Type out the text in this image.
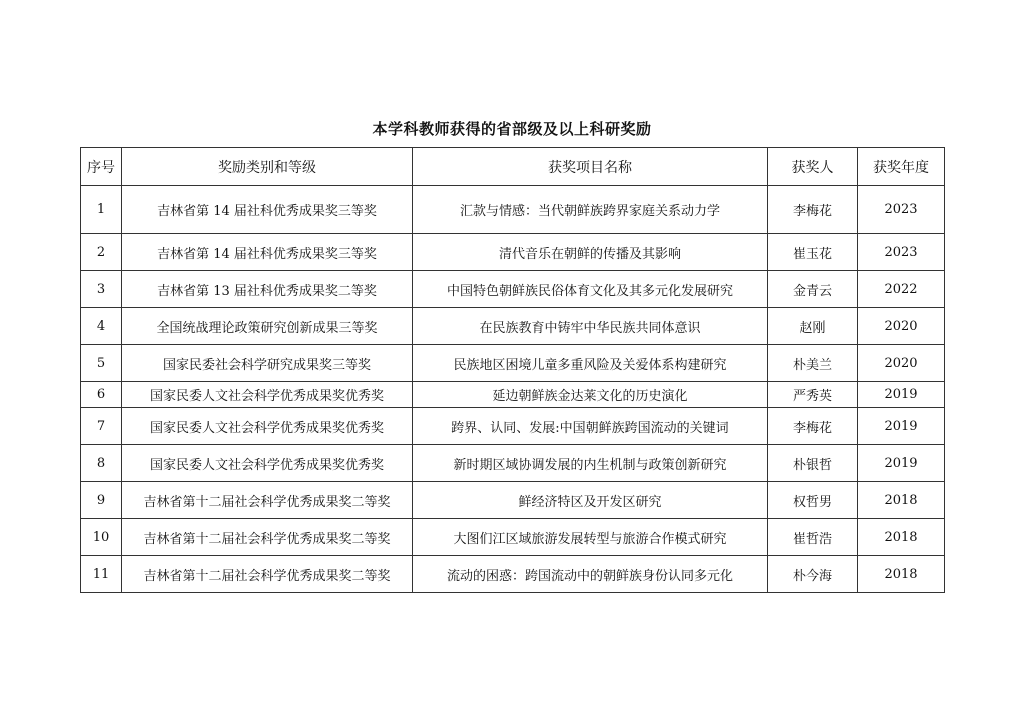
本学科教师获得的省部级及以上科研奖励
序号	奖励类别和等级	获奖项目名称	获奖人	获奖年度
1	吉林省第 14 届社科优秀成果奖三等奖	汇款与情感：当代朝鲜族跨界家庭关系动力学	李梅花	2023
2	吉林省第 14 届社科优秀成果奖三等奖	清代音乐在朝鲜的传播及其影响	崔玉花	2023
3	吉林省第 13 届社科优秀成果奖二等奖	中国特色朝鲜族民俗体育文化及其多元化发展研究	金青云	2022
4	全国统战理论政策研究创新成果三等奖	在民族教育中铸牢中华民族共同体意识	赵刚	2020
5	国家民委社会科学研究成果奖三等奖	民族地区困境儿童多重风险及关爱体系构建研究	朴美兰	2020
6	国家民委人文社会科学优秀成果奖优秀奖	延边朝鲜族金达莱文化的历史演化	严秀英	2019
7	国家民委人文社会科学优秀成果奖优秀奖	跨界、认同、发展:中国朝鲜族跨国流动的关键词	李梅花	2019
8	国家民委人文社会科学优秀成果奖优秀奖	新时期区域协调发展的内生机制与政策创新研究	朴银哲	2019
9	吉林省第十二届社会科学优秀成果奖二等奖	鲜经济特区及开发区研究	权哲男	2018
10	吉林省第十二届社会科学优秀成果奖二等奖	大图们江区域旅游发展转型与旅游合作模式研究	崔哲浩	2018
11	吉林省第十二届社会科学优秀成果奖二等奖	流动的困惑：跨国流动中的朝鲜族身份认同多元化	朴今海	2018
